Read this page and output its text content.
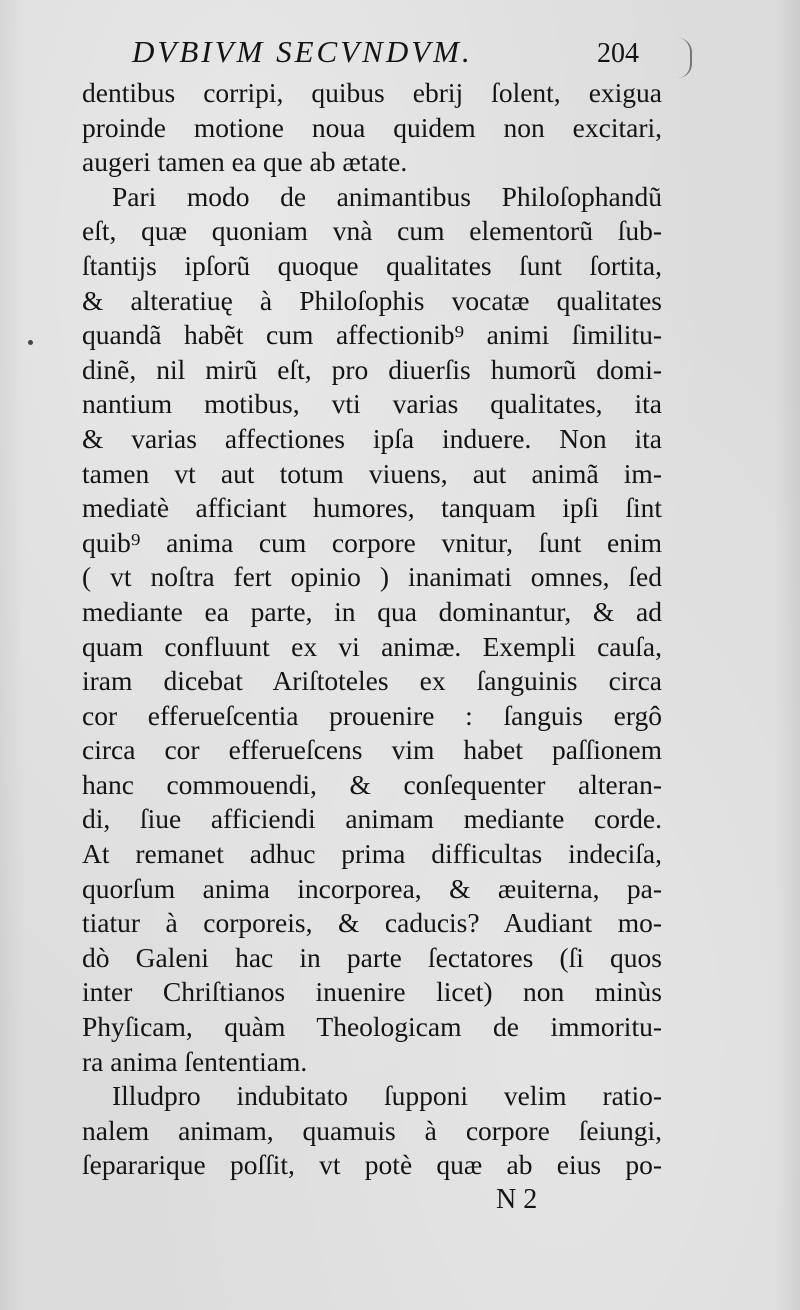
DVBIVM SECVNDVM.	204
dentibus corripi, quibus ebrij ſolent, exigua
proinde motione noua quidem non excitari,
augeri tamen ea que ab ætate.
Pari modo de animantibus Philoſophandũ
eſt, quæ quoniam vnà cum elementorũ ſub-
ſtantijs ipſorũ quoque qualitates ſunt ſortita,
& alteratiuę à Philoſophis vocatæ qualitates
quandã habẽt cum affectionib⁹ animi ſimilitu-
dinẽ, nil mirũ eſt, pro diuerſis humorũ domi-
nantium motibus, vti varias qualitates, ita
& varias affectiones ipſa induere. Non ita
tamen vt aut totum viuens, aut animã im-
mediatè afficiant humores, tanquam ipſi ſint
quib⁹ anima cum corpore vnitur, ſunt enim
( vt noſtra fert opinio ) inanimati omnes, ſed
mediante ea parte, in qua dominantur, & ad
quam confluunt ex vi animæ. Exempli cauſa,
iram dicebat Ariſtoteles ex ſanguinis circa
cor efferueſcentia prouenire : ſanguis ergô
circa cor efferueſcens vim habet paſſionem
hanc commouendi, & conſequenter alteran-
di, ſiue afficiendi animam mediante corde.
At remanet adhuc prima difficultas indeciſa,
quorſum anima incorporea, & æuiterna, pa-
tiatur à corporeis, & caducis? Audiant mo-
dò Galeni hac in parte ſectatores (ſi quos
inter Chriſtianos inuenire licet) non minùs
Phyſicam, quàm Theologicam de immoritu-
ra anima ſententiam.
Illudpro indubitato ſupponi velim ratio-
nalem animam, quamuis à corpore ſeiungi,
ſepararique poſſit, vt potè quæ ab eius po-
N 2
